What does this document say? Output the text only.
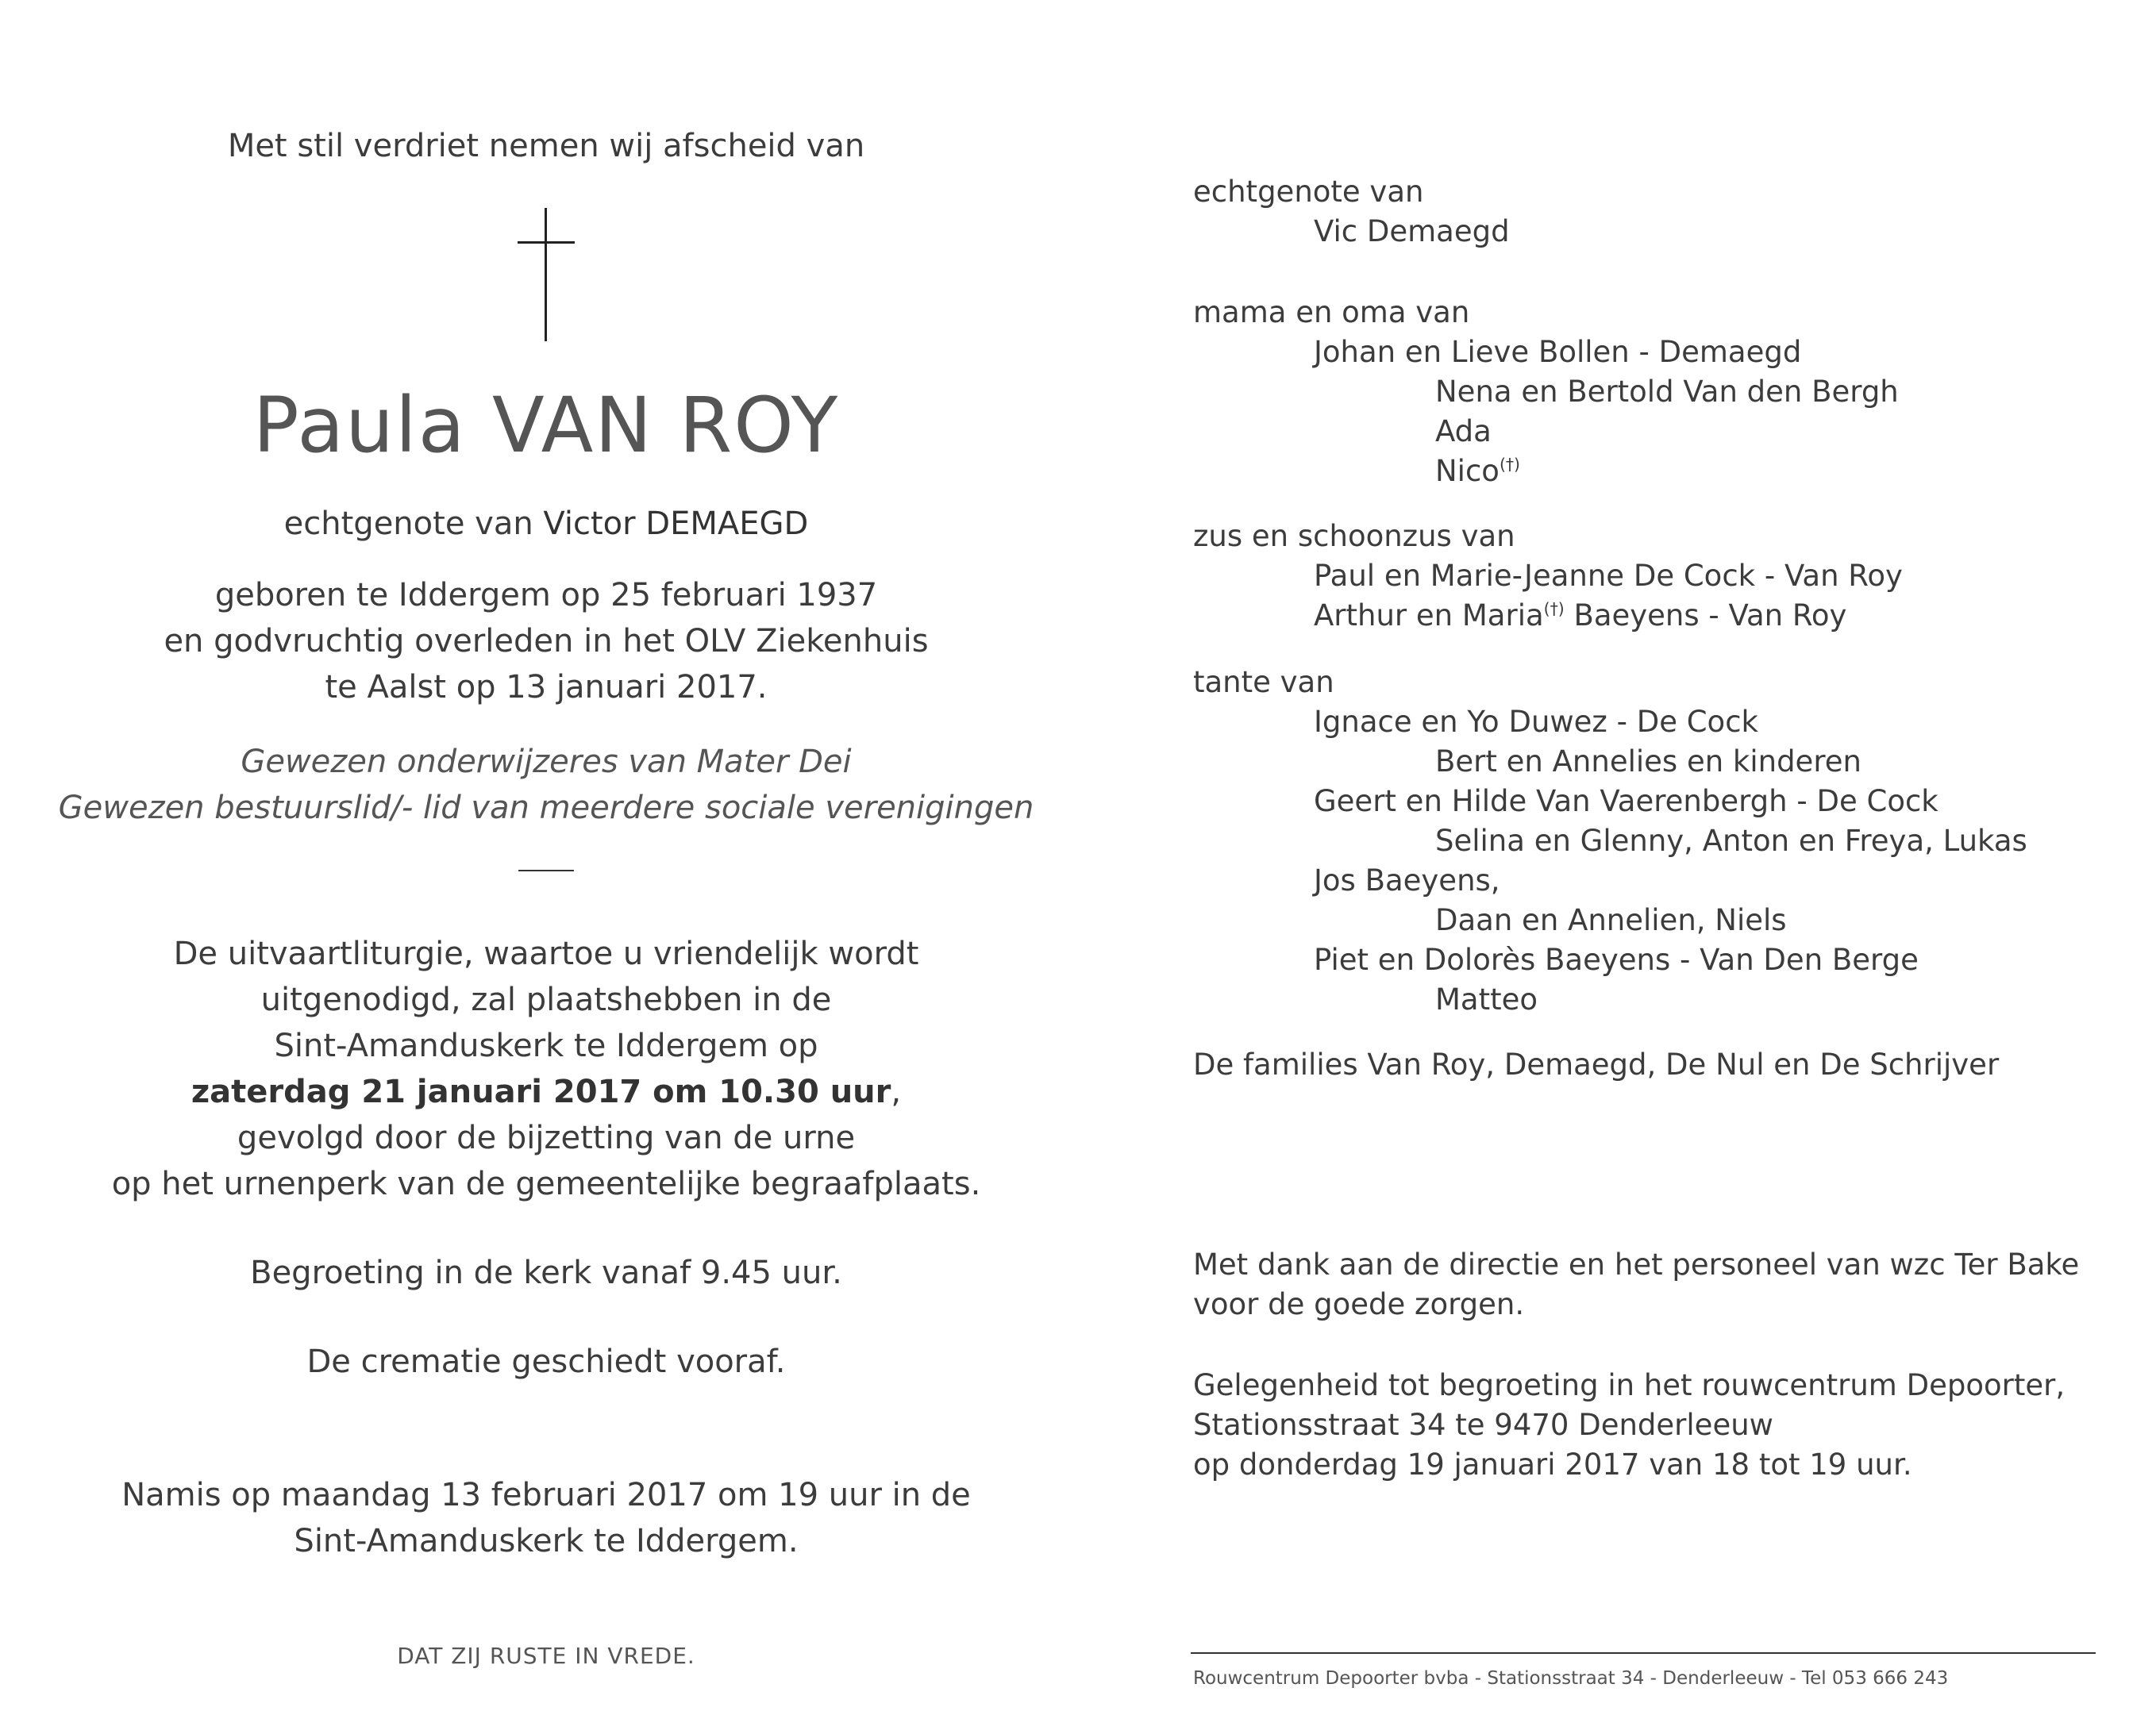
Met stil verdriet nemen wij afscheid van
Paula VAN ROY
echtgenote van Victor DEMAEGD
geboren te Iddergem op 25 februari 1937
en godvruchtig overleden in het OLV Ziekenhuis
te Aalst op 13 januari 2017.
Gewezen onderwijzeres van Mater Dei
Gewezen bestuurslid/- lid van meerdere sociale verenigingen
De uitvaartliturgie, waartoe u vriendelijk wordt
uitgenodigd, zal plaatshebben in de
Sint-Amanduskerk te Iddergem op
zaterdag 21 januari 2017 om 10.30 uur,
gevolgd door de bijzetting van de urne
op het urnenperk van de gemeentelijke begraafplaats.
Begroeting in de kerk vanaf 9.45 uur.
De crematie geschiedt vooraf.
Namis op maandag 13 februari 2017 om 19 uur in de
Sint-Amanduskerk te Iddergem.
DAT ZIJ RUSTE IN VREDE.
echtgenote van
Vic Demaegd
mama en oma van
Johan en Lieve Bollen - Demaegd
Nena en Bertold Van den Bergh
Ada
Nico(†)
zus en schoonzus van
Paul en Marie-Jeanne De Cock - Van Roy
Arthur en Maria(†) Baeyens - Van Roy
tante van
Ignace en Yo Duwez - De Cock
Bert en Annelies en kinderen
Geert en Hilde Van Vaerenbergh - De Cock
Selina en Glenny, Anton en Freya, Lukas
Jos Baeyens,
Daan en Annelien, Niels
Piet en Dolorès Baeyens - Van Den Berge
Matteo
De families Van Roy, Demaegd, De Nul en De Schrijver
Met dank aan de directie en het personeel van wzc Ter Bake
voor de goede zorgen.
Gelegenheid tot begroeting in het rouwcentrum Depoorter,
Stationsstraat 34 te 9470 Denderleeuw
op donderdag 19 januari 2017 van 18 tot 19 uur.
Rouwcentrum Depoorter bvba - Stationsstraat 34 - Denderleeuw - Tel 053 666 243
